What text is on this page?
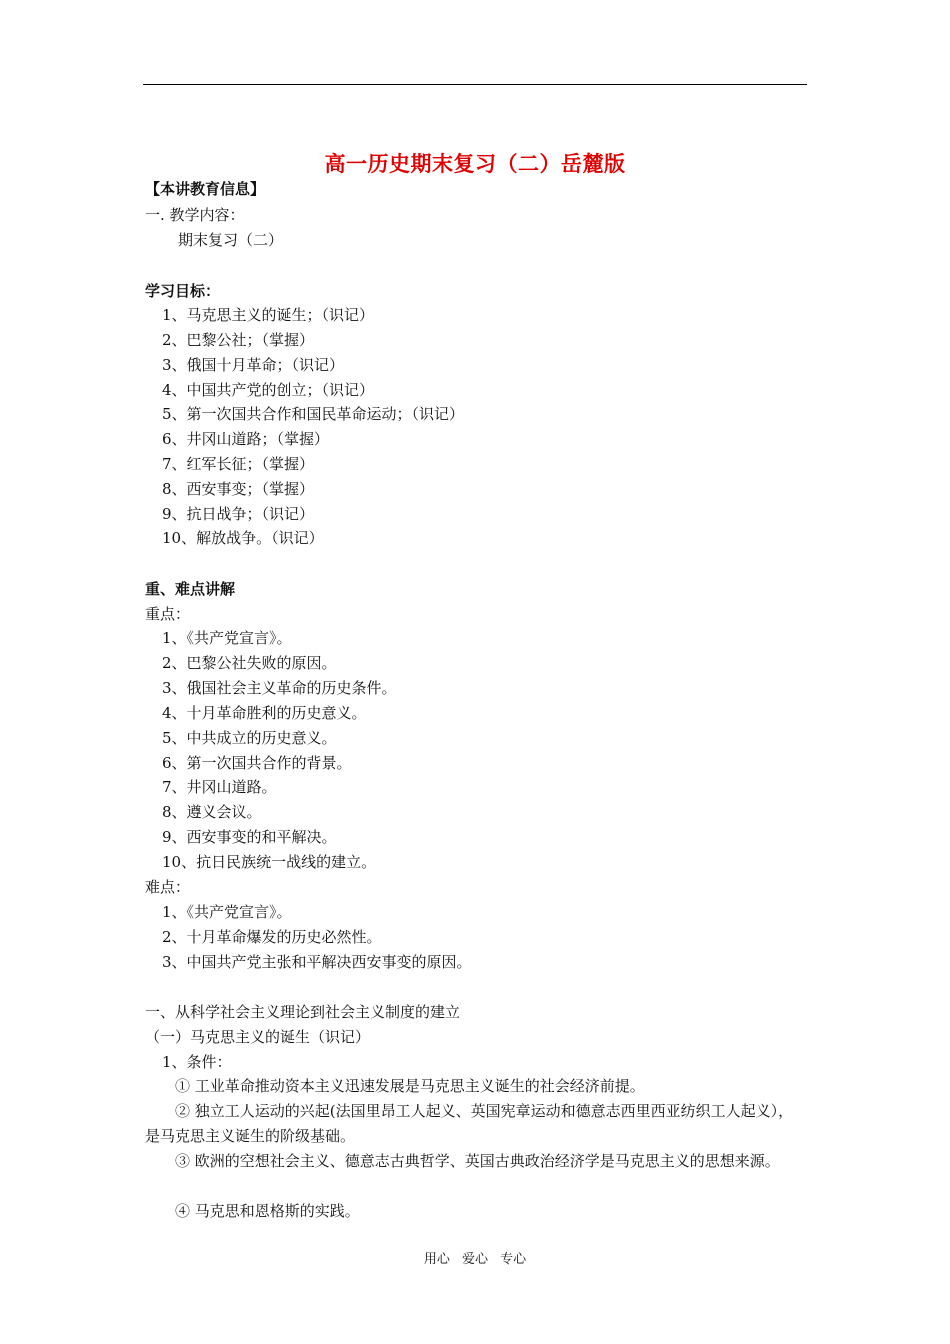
高一历史期末复习（二）岳麓版
【本讲教育信息】
一. 教学内容：
期末复习（二）
学习目标：
1、马克思主义的诞生；（识记）
2、巴黎公社；（掌握）
3、俄国十月革命；（识记）
4、中国共产党的创立；（识记）
5、第一次国共合作和国民革命运动；（识记）
6、井冈山道路；（掌握）
7、红军长征；（掌握）
8、西安事变；（掌握）
9、抗日战争；（识记）
10、解放战争。（识记）
重、难点讲解
重点：
1、《共产党宣言》。
2、巴黎公社失败的原因。
3、俄国社会主义革命的历史条件。
4、十月革命胜利的历史意义。
5、中共成立的历史意义。
6、第一次国共合作的背景。
7、井冈山道路。
8、遵义会议。
9、西安事变的和平解决。
10、抗日民族统一战线的建立。
难点：
1、《共产党宣言》。
2、十月革命爆发的历史必然性。
3、中国共产党主张和平解决西安事变的原因。
一、从科学社会主义理论到社会主义制度的建立
（一）马克思主义的诞生（识记）
1、条件：
① 工业革命推动资本主义迅速发展是马克思主义诞生的社会经济前提。
② 独立工人运动的兴起(法国里昂工人起义、英国宪章运动和德意志西里西亚纺织工人起义），是马克思主义诞生的阶级基础。
③ 欧洲的空想社会主义、德意志古典哲学、英国古典政治经济学是马克思主义的思想来源。
④ 马克思和恩格斯的实践。
用心 爱心 专心
